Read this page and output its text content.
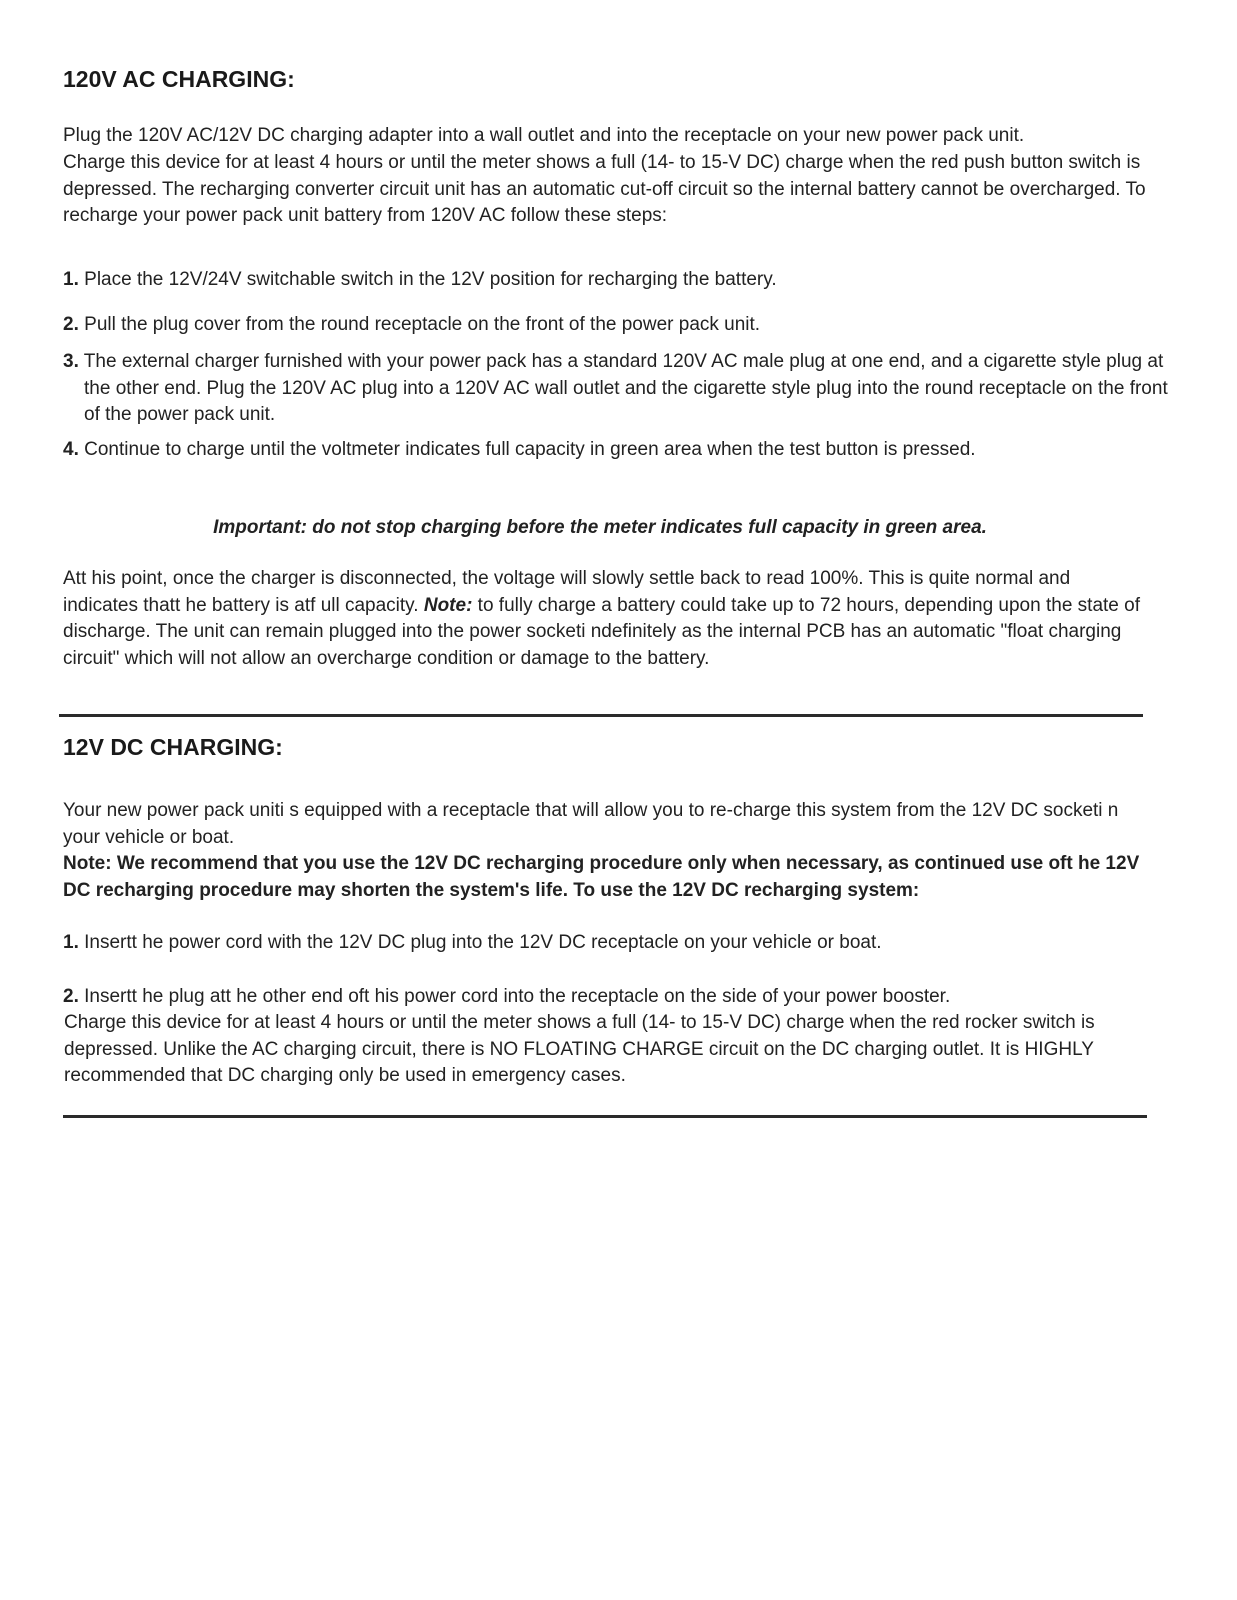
120V AC CHARGING:

Plug the 120V AC/12V DC charging adapter into a wall outlet and into the receptacle on your new power pack unit.

Charge this device for at least 4 hours or until the meter shows a full (14- to 15-V DC) charge when the red push button switch is depressed. The recharging converter circuit unit has an automatic cut-off circuit so the internal battery cannot be overcharged. To recharge your power pack unit battery from 120V AC follow these steps:

1. Place the 12V/24V switchable switch in the 12V position for recharging the battery.
2. Pull the plug cover from the round receptacle on the front of the power pack unit.
3. The external charger furnished with your power pack has a standard 120V AC male plug at one end, and a cigarette style plug at the other end. Plug the 120V AC plug into a 120V AC wall outlet and the cigarette style plug into the round receptacle on the front of the power pack unit.
4. Continue to charge until the voltmeter indicates full capacity in green area when the test button is pressed.

Important: do not stop charging before the meter indicates full capacity in green area.

Att his point, once the charger is disconnected, the voltage will slowly settle back to read 100%. This is quite normal and indicates thatt he battery is atf ull capacity. Note: to fully charge a battery could take up to 72 hours, depending upon the state of discharge. The unit can remain plugged into the power socketi ndefinitely as the internal PCB has an automatic "float charging circuit" which will not allow an overcharge condition or damage to the battery.

12V DC CHARGING:

Your new power pack uniti s equipped with a receptacle that will allow you to re-charge this system from the 12V DC socketi n your vehicle or boat.

Note: We recommend that you use the 12V DC recharging procedure only when necessary, as continued use oft he 12V DC recharging procedure may shorten the system's life. To use the 12V DC recharging system:

1. Insertt he power cord with the 12V DC plug into the 12V DC receptacle on your vehicle or boat.
2. Insertt he plug att he other end oft his power cord into the receptacle on the side of your power booster.

Charge this device for at least 4 hours or until the meter shows a full (14- to 15-V DC) charge when the red rocker switch is depressed. Unlike the AC charging circuit, there is NO FLOATING CHARGE circuit on the DC charging outlet. It is HIGHLY recommended that DC charging only be used in emergency cases.
